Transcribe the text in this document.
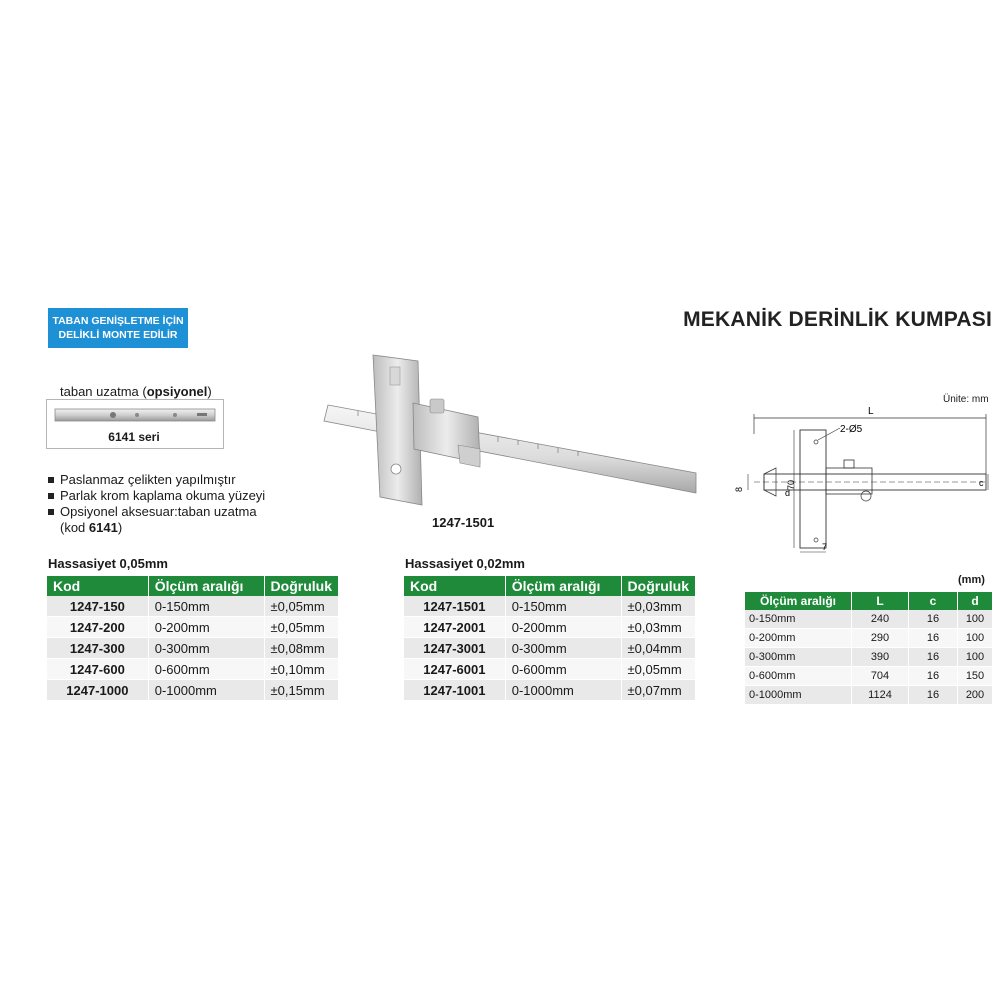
TABAN GENİŞLETME İÇİN
DELİKLİ MONTE EDİLİR
MEKANİK DERİNLİK KUMPASI
taban uzatma (opsiyonel)
6141 seri
Paslanmaz çelikten yapılmıştır
Parlak krom kaplama okuma yüzeyi
Opsiyonel aksesuar:taban uzatma
(kod 6141)	1247-1501
Ünite: mm
L
2-Ø5
d
70
8
c
7
Hassasiyet 0,05mm
Kod	Ölçüm aralığı	Doğruluk
1247-150	0-150mm	±0,05mm
1247-200	0-200mm	±0,05mm
1247-300	0-300mm	±0,08mm
1247-600	0-600mm	±0,10mm
1247-1000	0-1000mm	±0,15mm
Hassasiyet 0,02mm
Kod	Ölçüm aralığı	Doğruluk
1247-1501	0-150mm	±0,03mm
1247-2001	0-200mm	±0,03mm
1247-3001	0-300mm	±0,04mm
1247-6001	0-600mm	±0,05mm
1247-1001	0-1000mm	±0,07mm
(mm)
Ölçüm aralığı	L	c	d
0-150mm	240	16	100
0-200mm	290	16	100
0-300mm	390	16	100
0-600mm	704	16	150
0-1000mm	1124	16	200
